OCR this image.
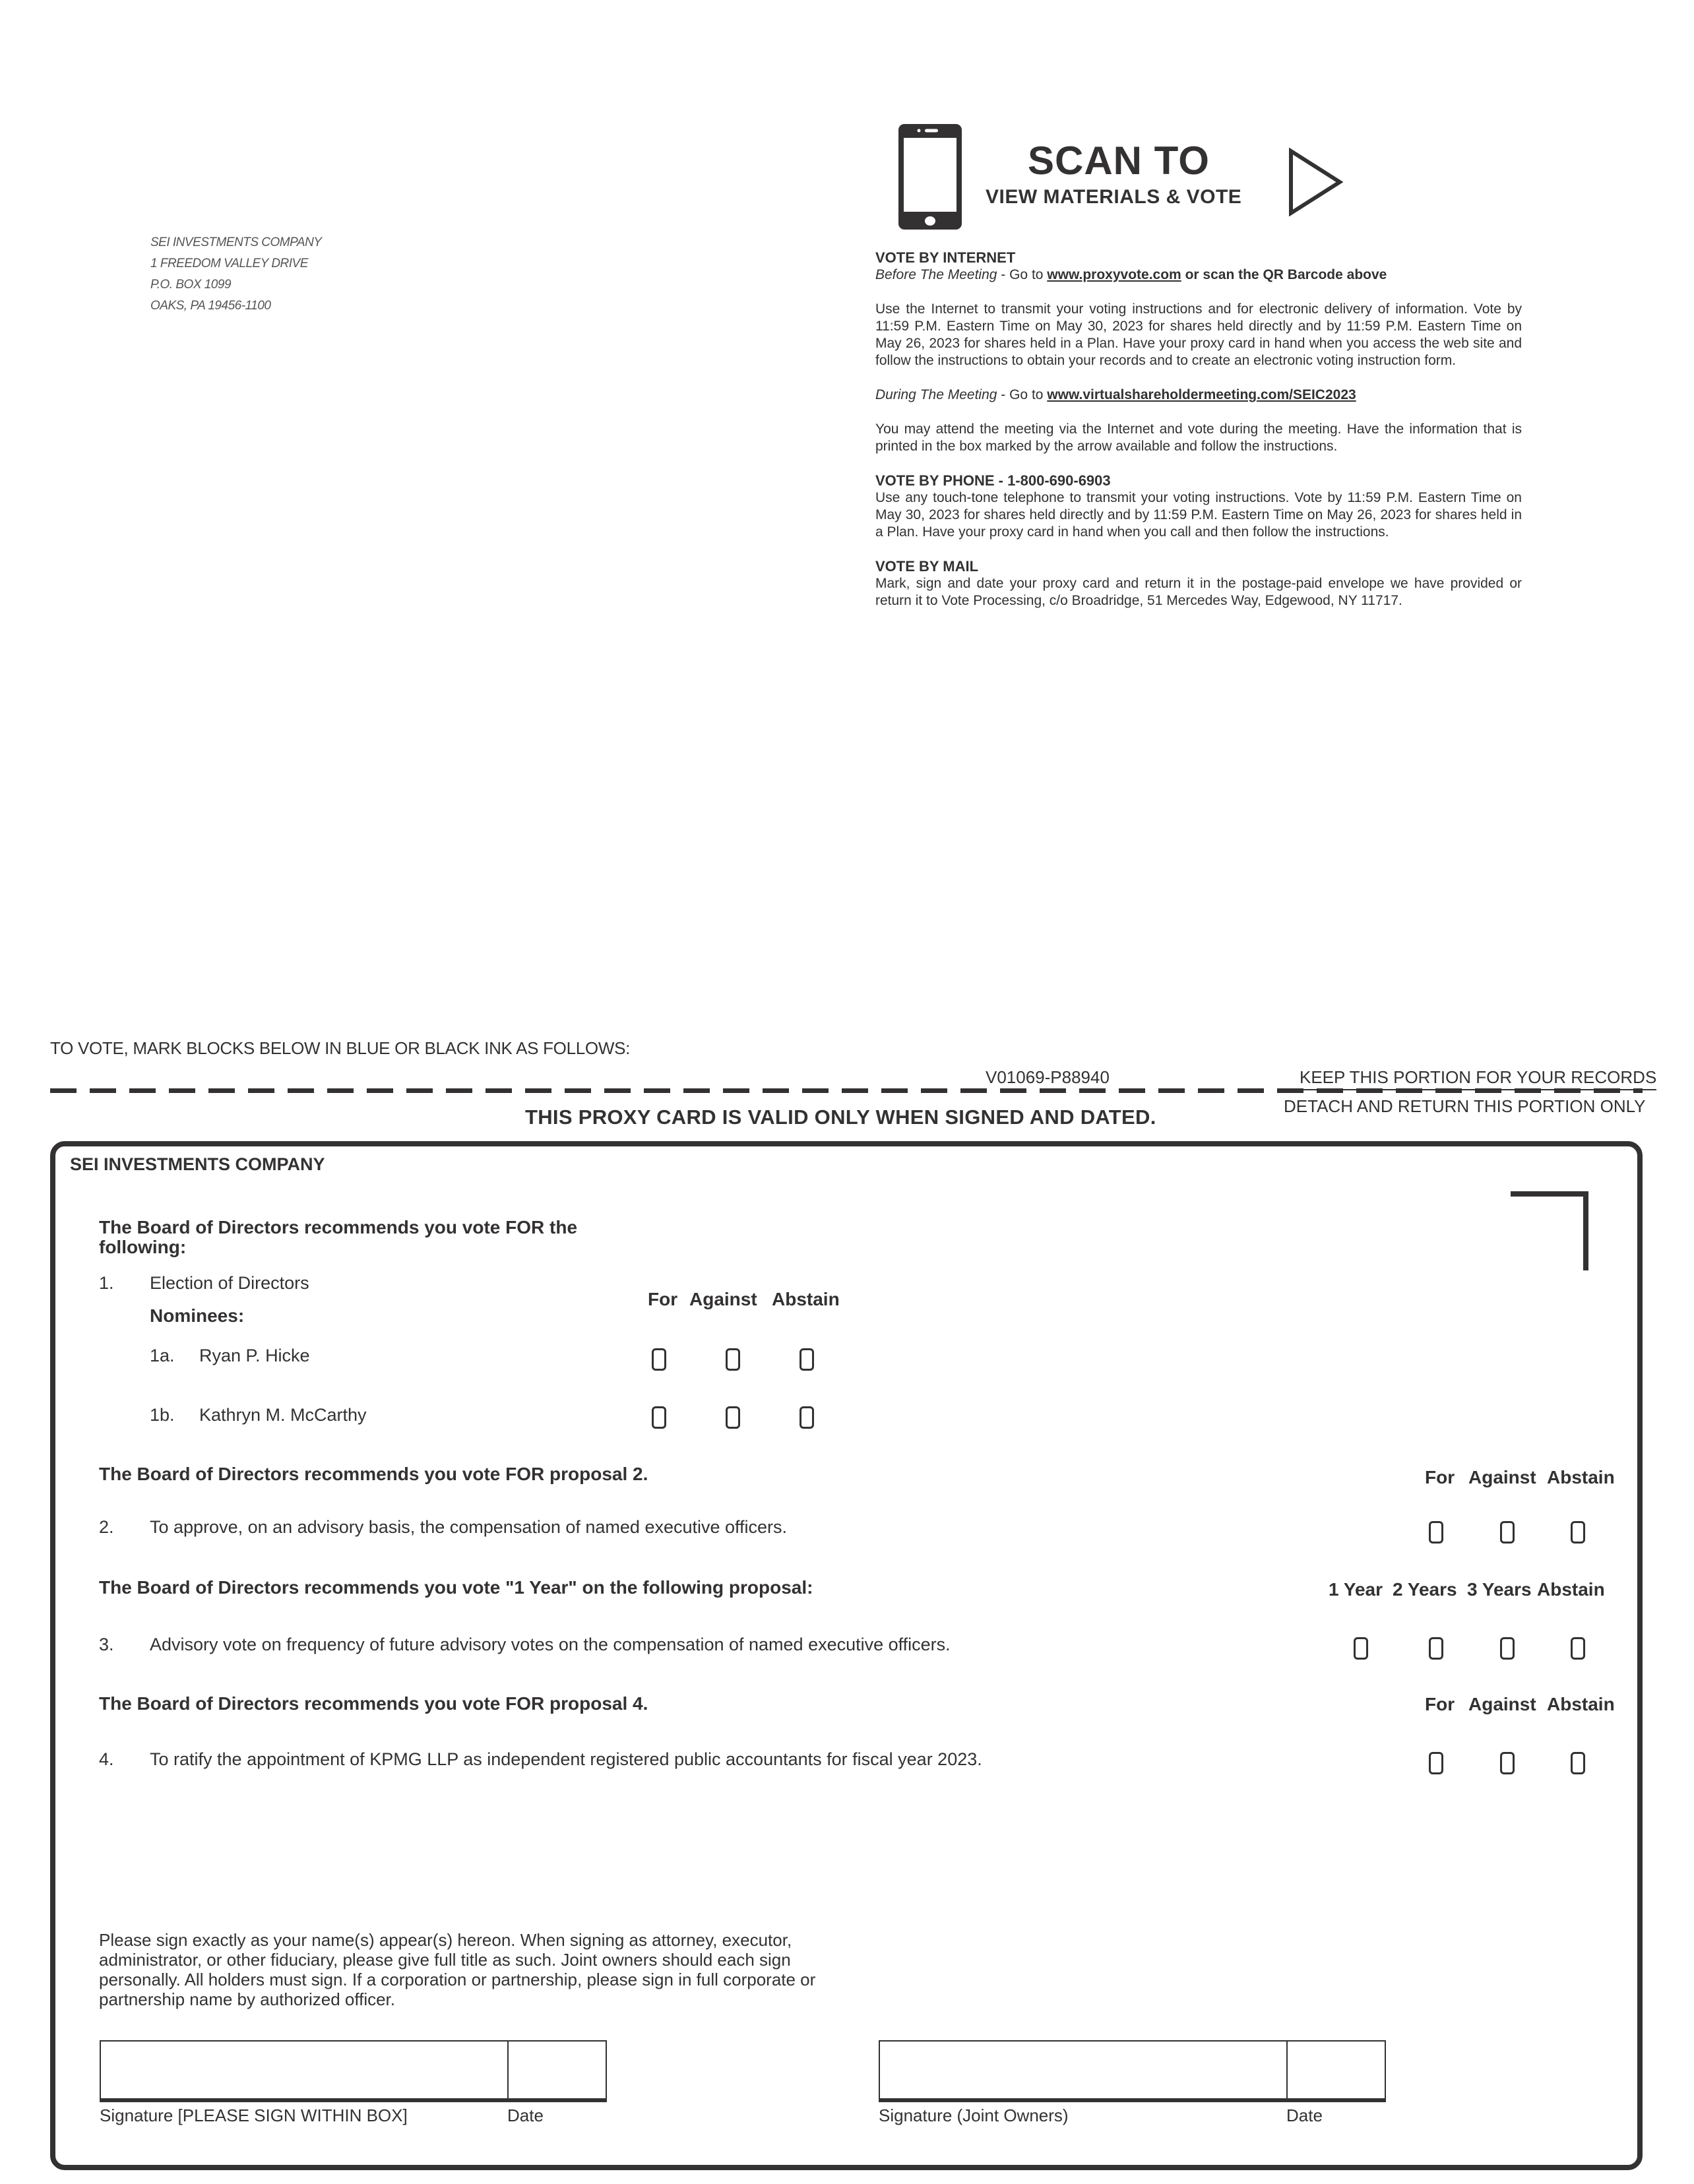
SEI INVESTMENTS COMPANY
1 FREEDOM VALLEY DRIVE
P.O. BOX 1099
OAKS, PA 19456-1100
SCAN TO
VIEW MATERIALS & VOTE

VOTE BY INTERNET

Before The Meeting - Go to www.proxyvote.com or scan the QR Barcode above

Use the Internet to transmit your voting instructions and for electronic delivery of information. Vote by 11:59 P.M. Eastern Time on May 30, 2023 for shares held directly and by 11:59 P.M. Eastern Time on May 26, 2023 for shares held in a Plan. Have your proxy card in hand when you access the web site and follow the instructions to obtain your records and to create an electronic voting instruction form.

During The Meeting - Go to www.virtualshareholdermeeting.com/SEIC2023

You may attend the meeting via the Internet and vote during the meeting. Have the information that is printed in the box marked by the arrow available and follow the instructions.

VOTE BY PHONE - 1-800-690-6903

Use any touch-tone telephone to transmit your voting instructions. Vote by 11:59 P.M. Eastern Time on May 30, 2023 for shares held directly and by 11:59 P.M. Eastern Time on May 26, 2023 for shares held in a Plan. Have your proxy card in hand when you call and then follow the instructions.

VOTE BY MAIL

Mark, sign and date your proxy card and return it in the postage-paid envelope we have provided or return it to Vote Processing, c/o Broadridge, 51 Mercedes Way, Edgewood, NY 11717.

TO VOTE, MARK BLOCKS BELOW IN BLUE OR BLACK INK AS FOLLOWS:
V01069-P88940	KEEP THIS PORTION FOR YOUR RECORDS
DETACH AND RETURN THIS PORTION ONLY
THIS PROXY CARD IS VALID ONLY WHEN SIGNED AND DATED.
SEI INVESTMENTS COMPANY
The Board of Directors recommends you vote FOR the following:
1. Election of Directors
Nominees:
For Against Abstain
1a. Ryan P. Hicke
1b. Kathryn M. McCarthy
The Board of Directors recommends you vote FOR proposal 2.	For Against Abstain
2. To approve, on an advisory basis, the compensation of named executive officers.
The Board of Directors recommends you vote "1 Year" on the following proposal:	1 Year 2 Years 3 Years Abstain
3. Advisory vote on frequency of future advisory votes on the compensation of named executive officers.
The Board of Directors recommends you vote FOR proposal 4.	For Against Abstain
4. To ratify the appointment of KPMG LLP as independent registered public accountants for fiscal year 2023.
Please sign exactly as your name(s) appear(s) hereon. When signing as attorney, executor, administrator, or other fiduciary, please give full title as such. Joint owners should each sign personally. All holders must sign. If a corporation or partnership, please sign in full corporate or partnership name by authorized officer.
Signature [PLEASE SIGN WITHIN BOX]	Date	Signature (Joint Owners)	Date
